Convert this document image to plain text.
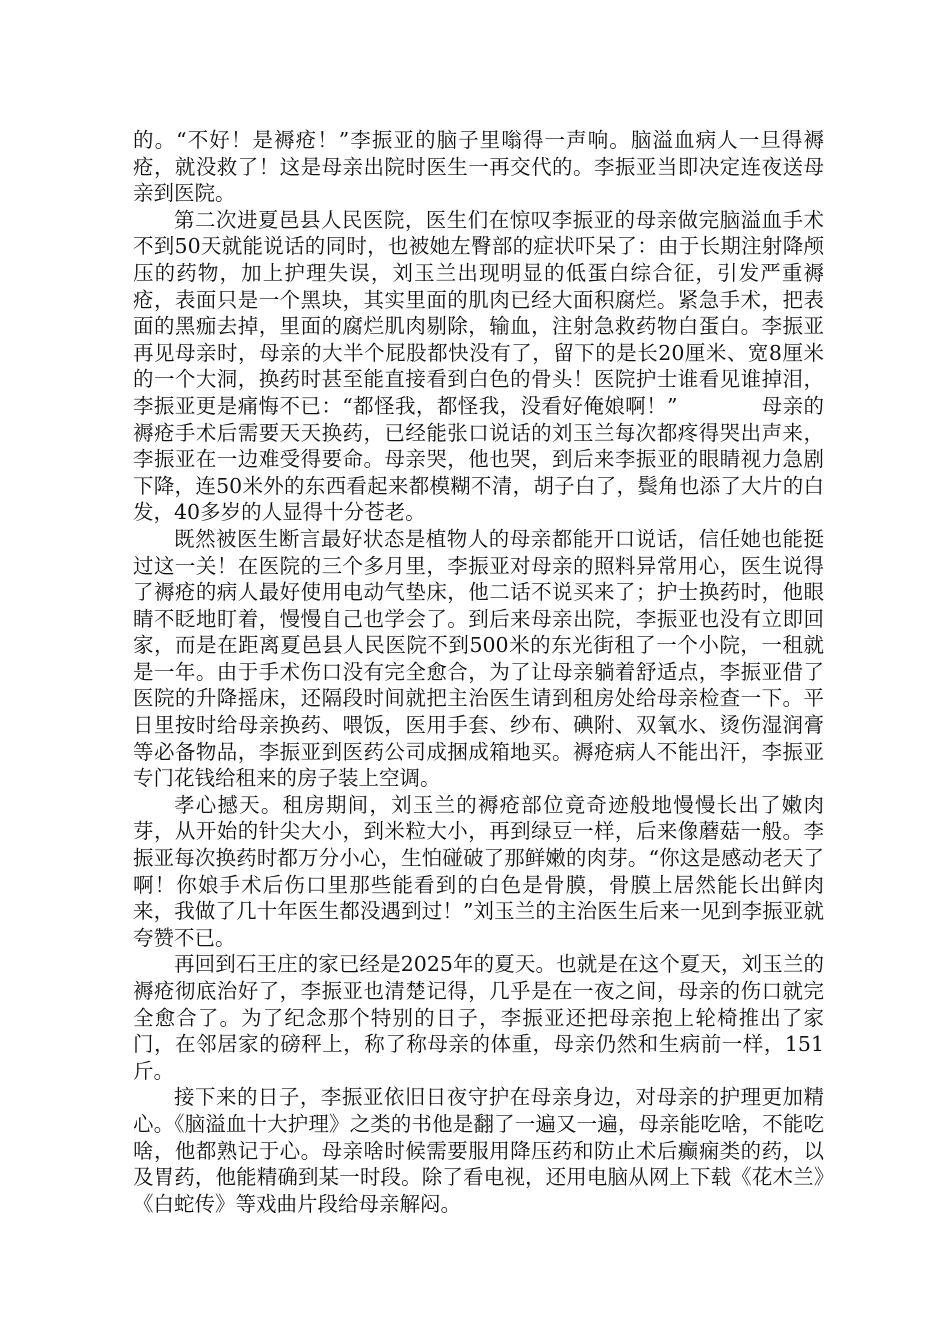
的。“不好！是褥疮！”李振亚的脑子里嗡得一声响。脑溢血病人一旦得褥疮，就没救了！这是母亲出院时医生一再交代的。李振亚当即决定连夜送母亲到医院。

第二次进夏邑县人民医院，医生们在惊叹李振亚的母亲做完脑溢血手术不到50天就能说话的同时，也被她左臀部的症状吓呆了：由于长期注射降颅压的药物，加上护理失误，刘玉兰出现明显的低蛋白综合征，引发严重褥疮，表面只是一个黑块，其实里面的肌肉已经大面积腐烂。紧急手术，把表面的黑痂去掉，里面的腐烂肌肉剔除，输血，注射急救药物白蛋白。李振亚再见母亲时，母亲的大半个屁股都快没有了，留下的是长20厘米、宽8厘米的一个大洞，换药时甚至能直接看到白色的骨头！医院护士谁看见谁掉泪，李振亚更是痛悔不已：“都怪我，都怪我，没看好俺娘啊！”　　　　母亲的褥疮手术后需要天天换药，已经能张口说话的刘玉兰每次都疼得哭出声来，李振亚在一边难受得要命。母亲哭，他也哭，到后来李振亚的眼睛视力急剧下降，连50米外的东西看起来都模糊不清，胡子白了，鬓角也添了大片的白发，40多岁的人显得十分苍老。

既然被医生断言最好状态是植物人的母亲都能开口说话，信任她也能挺过这一关！在医院的三个多月里，李振亚对母亲的照料异常用心，医生说得了褥疮的病人最好使用电动气垫床，他二话不说买来了；护士换药时，他眼睛不眨地盯着，慢慢自己也学会了。到后来母亲出院，李振亚也没有立即回家，而是在距离夏邑县人民医院不到500米的东光街租了一个小院，一租就是一年。由于手术伤口没有完全愈合，为了让母亲躺着舒适点，李振亚借了医院的升降摇床，还隔段时间就把主治医生请到租房处给母亲检查一下。平日里按时给母亲换药、喂饭，医用手套、纱布、碘附、双氧水、烫伤湿润膏等必备物品，李振亚到医药公司成捆成箱地买。褥疮病人不能出汗，李振亚专门花钱给租来的房子装上空调。

孝心撼天。租房期间，刘玉兰的褥疮部位竟奇迹般地慢慢长出了嫩肉芽，从开始的针尖大小，到米粒大小，再到绿豆一样，后来像蘑菇一般。李振亚每次换药时都万分小心，生怕碰破了那鲜嫩的肉芽。“你这是感动老天了啊！你娘手术后伤口里那些能看到的白色是骨膜，骨膜上居然能长出鲜肉来，我做了几十年医生都没遇到过！”刘玉兰的主治医生后来一见到李振亚就夸赞不已。

再回到石王庄的家已经是2025年的夏天。也就是在这个夏天，刘玉兰的褥疮彻底治好了，李振亚也清楚记得，几乎是在一夜之间，母亲的伤口就完全愈合了。为了纪念那个特别的日子，李振亚还把母亲抱上轮椅推出了家门，在邻居家的磅秤上，称了称母亲的体重，母亲仍然和生病前一样，151斤。

接下来的日子，李振亚依旧日夜守护在母亲身边，对母亲的护理更加精心。《脑溢血十大护理》之类的书他是翻了一遍又一遍，母亲能吃啥，不能吃啥，他都熟记于心。母亲啥时候需要服用降压药和防止术后癫痫类的药，以及胃药，他能精确到某一时段。除了看电视，还用电脑从网上下载《花木兰》《白蛇传》等戏曲片段给母亲解闷。
